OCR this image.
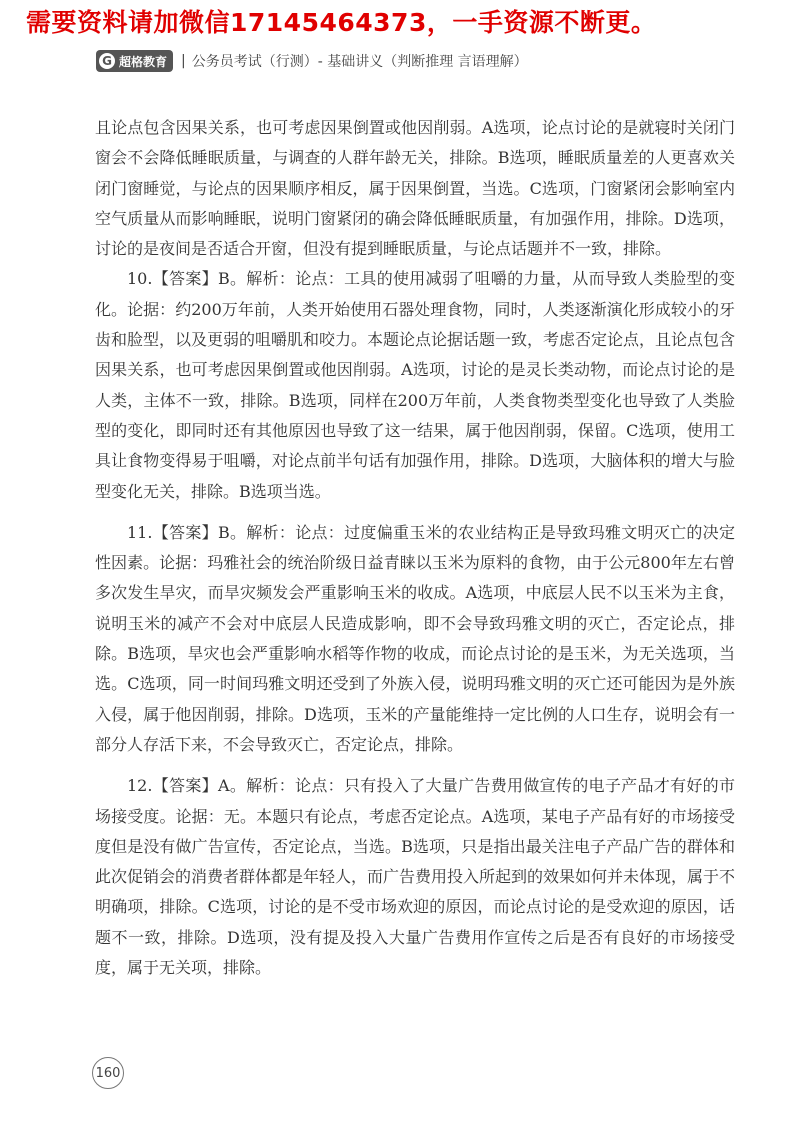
需要资料请加微信17145464373，一手资源不断更。
G 超格教育 | 公务员考试（行测）- 基础讲义（判断推理 言语理解）

且论点包含因果关系，也可考虑因果倒置或他因削弱。A选项，论点讨论的是就寝时关闭门窗会不会降低睡眠质量，与调查的人群年龄无关，排除。B选项，睡眠质量差的人更喜欢关闭门窗睡觉，与论点的因果顺序相反，属于因果倒置，当选。C选项，门窗紧闭会影响室内空气质量从而影响睡眠，说明门窗紧闭的确会降低睡眠质量，有加强作用，排除。D选项，讨论的是夜间是否适合开窗，但没有提到睡眠质量，与论点话题并不一致，排除。

10.【答案】B。解析：论点：工具的使用减弱了咀嚼的力量，从而导致人类脸型的变化。论据：约200万年前，人类开始使用石器处理食物，同时，人类逐渐演化形成较小的牙齿和脸型，以及更弱的咀嚼肌和咬力。本题论点论据话题一致，考虑否定论点，且论点包含因果关系，也可考虑因果倒置或他因削弱。A选项，讨论的是灵长类动物，而论点讨论的是人类，主体不一致，排除。B选项，同样在200万年前，人类食物类型变化也导致了人类脸型的变化，即同时还有其他原因也导致了这一结果，属于他因削弱，保留。C选项，使用工具让食物变得易于咀嚼，对论点前半句话有加强作用，排除。D选项，大脑体积的增大与脸型变化无关，排除。B选项当选。

11.【答案】B。解析：论点：过度偏重玉米的农业结构正是导致玛雅文明灭亡的决定性因素。论据：玛雅社会的统治阶级日益青睐以玉米为原料的食物，由于公元800年左右曾多次发生旱灾，而旱灾频发会严重影响玉米的收成。A选项，中底层人民不以玉米为主食，说明玉米的减产不会对中底层人民造成影响，即不会导致玛雅文明的灭亡，否定论点，排除。B选项，旱灾也会严重影响水稻等作物的收成，而论点讨论的是玉米，为无关选项，当选。C选项，同一时间玛雅文明还受到了外族入侵，说明玛雅文明的灭亡还可能因为是外族入侵，属于他因削弱，排除。D选项，玉米的产量能维持一定比例的人口生存，说明会有一部分人存活下来，不会导致灭亡，否定论点，排除。

12.【答案】A。解析：论点：只有投入了大量广告费用做宣传的电子产品才有好的市场接受度。论据：无。本题只有论点，考虑否定论点。A选项，某电子产品有好的市场接受度但是没有做广告宣传，否定论点，当选。B选项，只是指出最关注电子产品广告的群体和此次促销会的消费者群体都是年轻人，而广告费用投入所起到的效果如何并未体现，属于不明确项，排除。C选项，讨论的是不受市场欢迎的原因，而论点讨论的是受欢迎的原因，话题不一致，排除。D选项，没有提及投入大量广告费用作宣传之后是否有良好的市场接受度，属于无关项，排除。

160
